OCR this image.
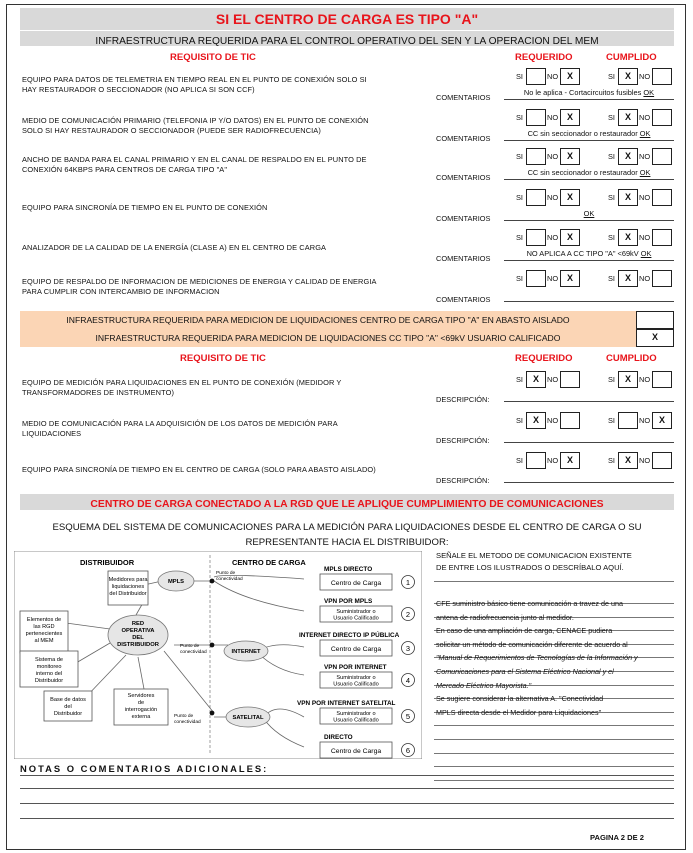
SI EL CENTRO DE CARGA ES TIPO "A"
INFRAESTRUCTURA REQUERIDA PARA EL CONTROL OPERATIVO DEL SEN Y LA OPERACION DEL MEM
REQUISITO DE TIC	REQUERIDO	CUMPLIDO
EQUIPO PARA DATOS DE TELEMETRIA EN TIEMPO REAL EN EL PUNTO DE CONEXIÓN SOLO SI
HAY RESTAURADOR O SECCIONADOR (NO APLICA SI SON CCF)
SI	NO X	SI	X	NO
COMENTARIOS
No le aplica - Cortacircuitos fusibles OK
MEDIO DE COMUNICACIÓN PRIMARIO (TELEFONIA IP Y/O DATOS) EN EL PUNTO DE CONEXIÓN
SOLO SI HAY RESTAURADOR O SECCIONADOR (PUEDE SER RADIOFRECUENCIA)
SI	NO X	SI	X	NO
COMENTARIOS
CC sin seccionador o restaurador OK
ANCHO DE BANDA PARA EL CANAL PRIMARIO Y EN EL CANAL DE RESPALDO EN EL PUNTO DE
CONEXIÓN 64KBPS PARA CENTROS DE CARGA TIPO "A"
SI	NO X	SI	X	NO
COMENTARIOS
CC sin seccionador o restaurador OK
EQUIPO PARA SINCRONÍA DE TIEMPO EN EL PUNTO DE CONEXIÓN
SI	NO X	SI	X	NO
COMENTARIOS
OK
ANALIZADOR DE LA CALIDAD DE LA ENERGÍA (CLASE A) EN EL CENTRO DE CARGA
SI	NO X	SI	X	NO
COMENTARIOS
NO APLICA A CC TIPO "A" <69kV OK
EQUIPO DE RESPALDO DE INFORMACION DE MEDICIONES DE ENERGIA Y CALIDAD DE ENERGIA
PARA CUMPLIR CON INTERCAMBIO DE INFORMACION
SI	NO X	SI	X	NO
COMENTARIOS
INFRAESTRUCTURA REQUERIDA PARA MEDICION DE LIQUIDACIONES CENTRO DE CARGA TIPO "A" EN ABASTO AISLADO
INFRAESTRUCTURA REQUERIDA PARA MEDICION DE LIQUIDACIONES CC TIPO "A" <69kV USUARIO CALIFICADO	X
REQUISITO DE TIC	REQUERIDO	CUMPLIDO
EQUIPO DE MEDICIÓN PARA LIQUIDACIONES EN EL PUNTO DE CONEXIÓN (MEDIDOR Y
TRANSFORMADORES DE INSTRUMENTO)
SI	X	NO	SI	X	NO
DESCRIPCIÓN:
MEDIO DE COMUNICACIÓN PARA LA ADQUISICIÓN DE LOS DATOS DE MEDICIÓN PARA
LIQUIDACIONES
SI	X	NO	SI	NO X
DESCRIPCIÓN:
EQUIPO PARA SINCRONÍA DE TIEMPO EN EL CENTRO DE CARGA (SOLO PARA ABASTO AISLADO)
SI	NO X	SI	X	NO
DESCRIPCIÓN:
CENTRO DE CARGA CONECTADO A LA RGD QUE LE APLIQUE CUMPLIMIENTO DE COMUNICACIONES
ESQUEMA DEL SISTEMA DE COMUNICACIONES PARA LA MEDICIÓN PARA LIQUIDACIONES DESDE EL CENTRO DE CARGA O SU
REPRESENTANTE HACIA EL DISTRIBUIDOR:
DISTRIBUIDOR	CENTRO DE CARGA
Medidores para
liquidaciones
del Distribuidor
Elementos de
las RGD
pertenecientes
al MEM
Sistema de
monitoreo
interno del
Distribuidor
Base de datos
del
Distribuidor
Servidores
de
interrogación
externa
MPLS
RED
OPERATIVA
DEL
DISTRIBUIDOR
INTERNET
SATELITAL
Punto de
conectividad
Punto de
conectividad
Punto de
conectividad
MPLS DIRECTO
Centro de Carga	1
VPN POR MPLS
Suministrador o
Usuario Calificado	2
INTERNET DIRECTO IP PÚBLICA
Centro de Carga	3
VPN POR INTERNET
Suministrador o
Usuario Calificado	4
VPN POR INTERNET SATELITAL
Suministrador o
Usuario Calificado	5
DIRECTO
Centro de Carga	6
SEÑALE EL METODO DE COMUNICACION EXISTENTE
DE ENTRE LOS ILUSTRADOS O DESCRÍBALO AQUÍ.
CFE suministro básico tiene comunicación a travez de una
antena de radiofrecuencia junto al medidor.
En caso de una ampliación de carga, CENACE pudiera
solicitar un método de comunicación diferente de acuerdo al
"Manual de Requerimientos de Tecnologías de la Información y
Comunicaciones para el Sistema Eléctrico Nacional y el
Mercado Eléctrico Mayorista."
Se sugiere considerar la alternativa A. "Conectividad
MPLS directa desde el Medidor para Liquidaciones"
NOTAS O COMENTARIOS ADICIONALES:
PAGINA 2 DE 2
